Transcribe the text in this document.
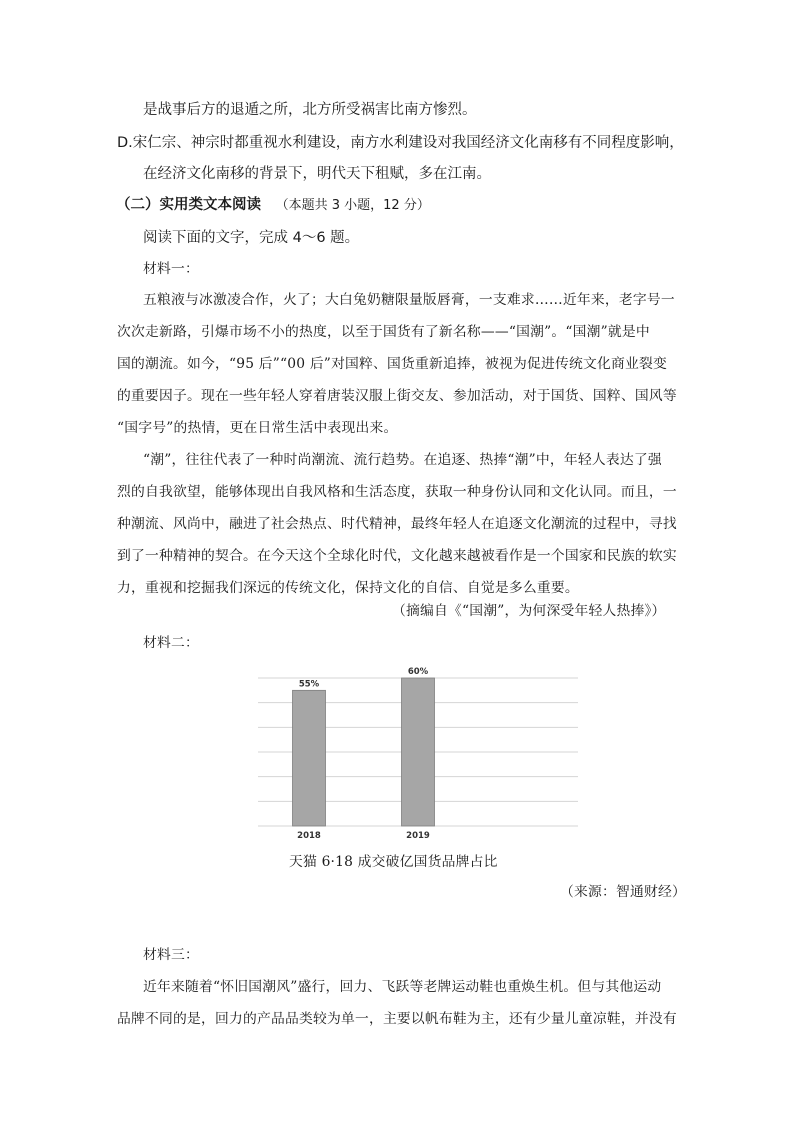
是战事后方的退遁之所，北方所受祸害比南方惨烈。
D.宋仁宗、神宗时都重视水利建设，南方水利建设对我国经济文化南移有不同程度影响，
在经济文化南移的背景下，明代天下租赋，多在江南。
（二）实用类文本阅读 （本题共 3 小题，12 分）
阅读下面的文字，完成 4～6 题。
材料一：
五粮液与冰激凌合作，火了；大白兔奶糖限量版唇膏，一支难求……近年来，老字号一
次次走新路，引爆市场不小的热度，以至于国货有了新名称——“国潮”。“国潮”就是中
国的潮流。如今，“95 后”“00 后”对国粹、国货重新追捧，被视为促进传统文化商业裂变
的重要因子。现在一些年轻人穿着唐装汉服上街交友、参加活动，对于国货、国粹、国风等
“国字号”的热情，更在日常生活中表现出来。
“潮”，往往代表了一种时尚潮流、流行趋势。在追逐、热捧“潮”中，年轻人表达了强
烈的自我欲望，能够体现出自我风格和生活态度，获取一种身份认同和文化认同。而且，一
种潮流、风尚中，融进了社会热点、时代精神，最终年轻人在追逐文化潮流的过程中，寻找
到了一种精神的契合。在今天这个全球化时代，文化越来越被看作是一个国家和民族的软实
力，重视和挖掘我们深远的传统文化，保持文化的自信、自觉是多么重要。
（摘编自《“国潮”，为何深受年轻人热捧》）
材料二：
55%
2018
60%
2019
天猫 6·18 成交破亿国货品牌占比
（来源：智通财经）
材料三：
近年来随着“怀旧国潮风”盛行，回力、飞跃等老牌运动鞋也重焕生机。但与其他运动
品牌不同的是，回力的产品品类较为单一，主要以帆布鞋为主，还有少量儿童凉鞋，并没有
